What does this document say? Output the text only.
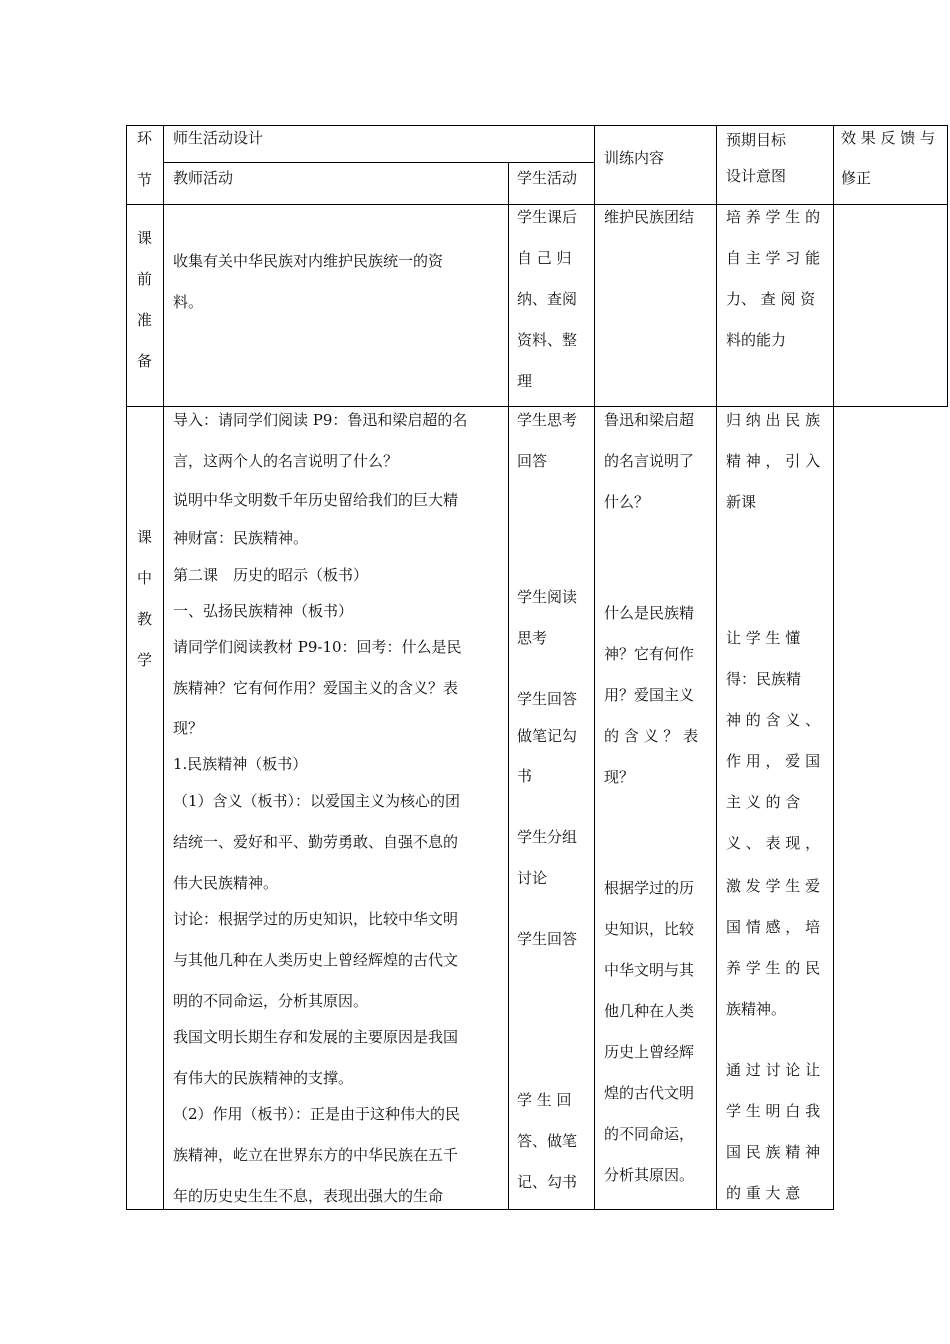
环
节
师生活动设计
教师活动	学生活动
训练内容
预期目标
设计意图
效 果 反 馈 与
修正
课
前
准
备
收集有关中华民族对内维护民族统一的资
料。
学生课后
自 己 归
纳、查阅
资料、整
理
维护民族团结 培 养 学 生 的
自 主 学 习 能
力、 查 阅 资
料的能力
课
中
教
学
导入：请同学们阅读 P9：鲁迅和梁启超的名
言，这两个人的名言说明了什么？
说明中华文明数千年历史留给我们的巨大精
神财富：民族精神。
第二课　历史的昭示（板书）
一、弘扬民族精神（板书）
请同学们阅读教材 P9-10：回考：什么是民
族精神？它有何作用？爱国主义的含义？表
现？
1.民族精神（板书）
（1）含义（板书）：以爱国主义为核心的团
结统一、爱好和平、勤劳勇敢、自强不息的
伟大民族精神。
讨论：根据学过的历史知识，比较中华文明
与其他几种在人类历史上曾经辉煌的古代文
明的不同命运，分析其原因。
我国文明长期生存和发展的主要原因是我国
有伟大的民族精神的支撑。
（2）作用（板书）：正是由于这种伟大的民
族精神，屹立在世界东方的中华民族在五千
年的历史史生生不息，表现出强大的生命
学生思考
回答
学生阅读
思考
学生回答
做笔记勾
书
学生分组
讨论
学生回答
学 生 回
答、做笔
记、勾书
鲁迅和梁启超
的名言说明了
什么？
什么是民族精
神？它有何作
用？爱国主义
的 含 义 ？ 表
现？
根据学过的历
史知识，比较
中华文明与其
他几种在人类
历史上曾经辉
煌的古代文明
的不同命运，
分析其原因。
归 纳 出 民 族
精 神 ， 引 入
新课
让 学 生 懂
得：民族精
神 的 含 义 、
作 用 ， 爱 国
主 义 的 含
义 、 表 现 ，
激 发 学 生 爱
国 情 感 ， 培
养 学 生 的 民
族精神。
通 过 讨 论 让
学 生 明 白 我
国 民 族 精 神
的 重 大 意
